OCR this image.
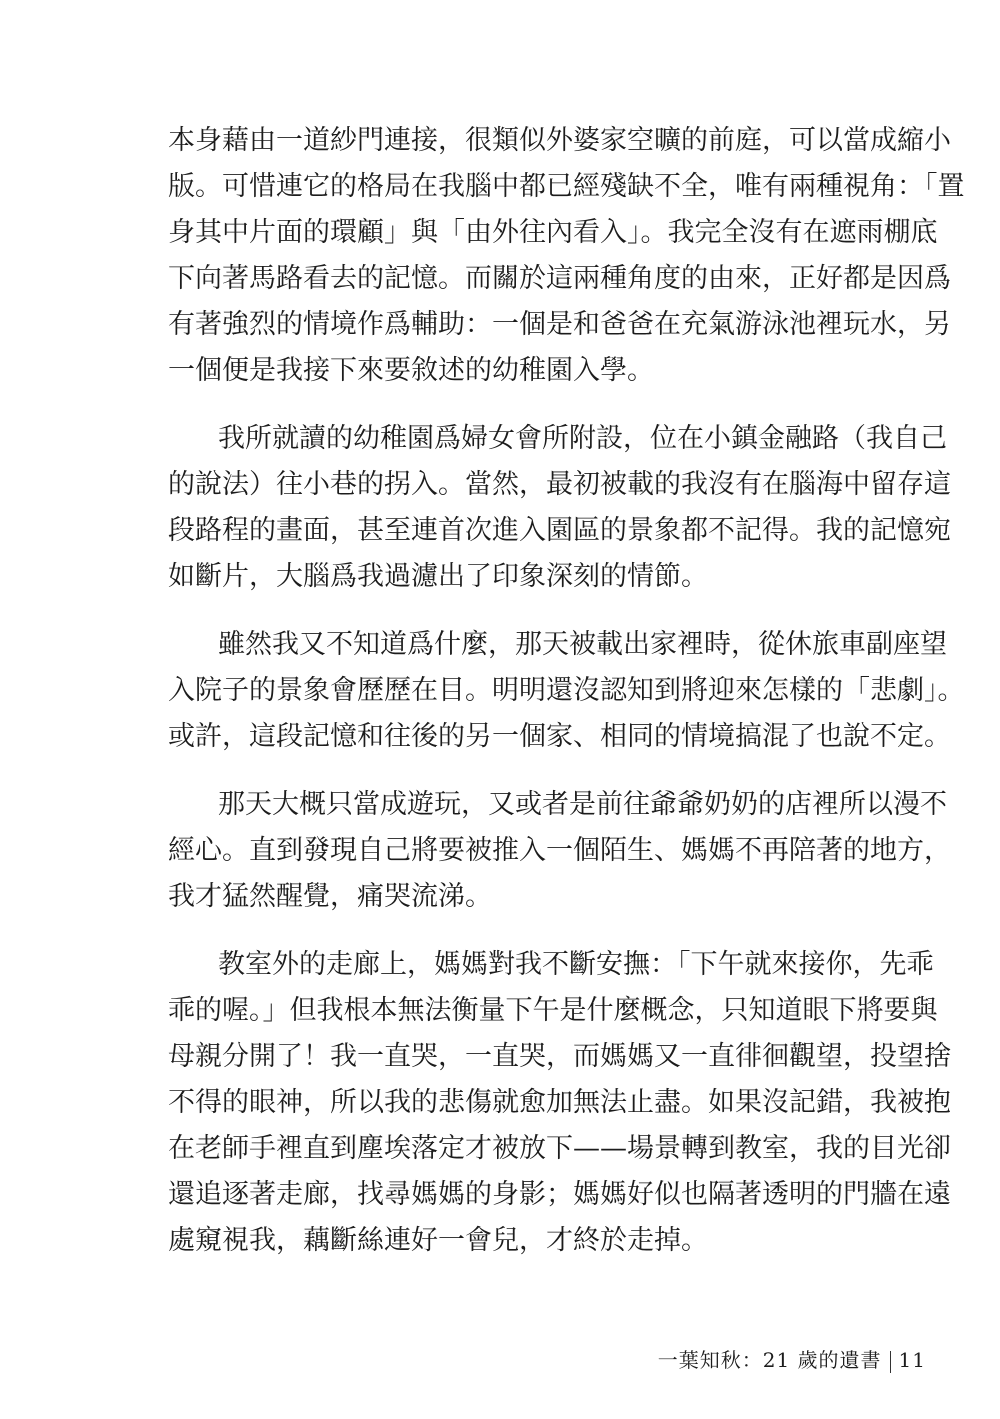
本身藉由一道紗門連接，很類似外婆家空曠的前庭，可以當成縮小
版。可惜連它的格局在我腦中都已經殘缺不全，唯有兩種視角：「置
身其中片面的環顧」與「由外往內看入」。我完全沒有在遮雨棚底
下向著馬路看去的記憶。而關於這兩種角度的由來，正好都是因爲
有著強烈的情境作爲輔助：一個是和爸爸在充氣游泳池裡玩水，另
一個便是我接下來要敘述的幼稚園入學。
我所就讀的幼稚園爲婦女會所附設，位在小鎮金融路（我自己
的說法）往小巷的拐入。當然，最初被載的我沒有在腦海中留存這
段路程的畫面，甚至連首次進入園區的景象都不記得。我的記憶宛
如斷片，大腦爲我過濾出了印象深刻的情節。
雖然我又不知道爲什麼，那天被載出家裡時，從休旅車副座望
入院子的景象會歷歷在目。明明還沒認知到將迎來怎樣的「悲劇」。
或許，這段記憶和往後的另一個家、相同的情境搞混了也說不定。
那天大概只當成遊玩，又或者是前往爺爺奶奶的店裡所以漫不
經心。直到發現自己將要被推入一個陌生、媽媽不再陪著的地方，
我才猛然醒覺，痛哭流涕。
教室外的走廊上，媽媽對我不斷安撫：「下午就來接你，先乖
乖的喔。」但我根本無法衡量下午是什麼概念，只知道眼下將要與
母親分開了！我一直哭，一直哭，而媽媽又一直徘徊觀望，投望捨
不得的眼神，所以我的悲傷就愈加無法止盡。如果沒記錯，我被抱
在老師手裡直到塵埃落定才被放下——場景轉到教室，我的目光卻
還追逐著走廊，找尋媽媽的身影；媽媽好似也隔著透明的門牆在遠
處窺視我，藕斷絲連好一會兒，才終於走掉。
一葉知秋：21 歲的遺書 11
